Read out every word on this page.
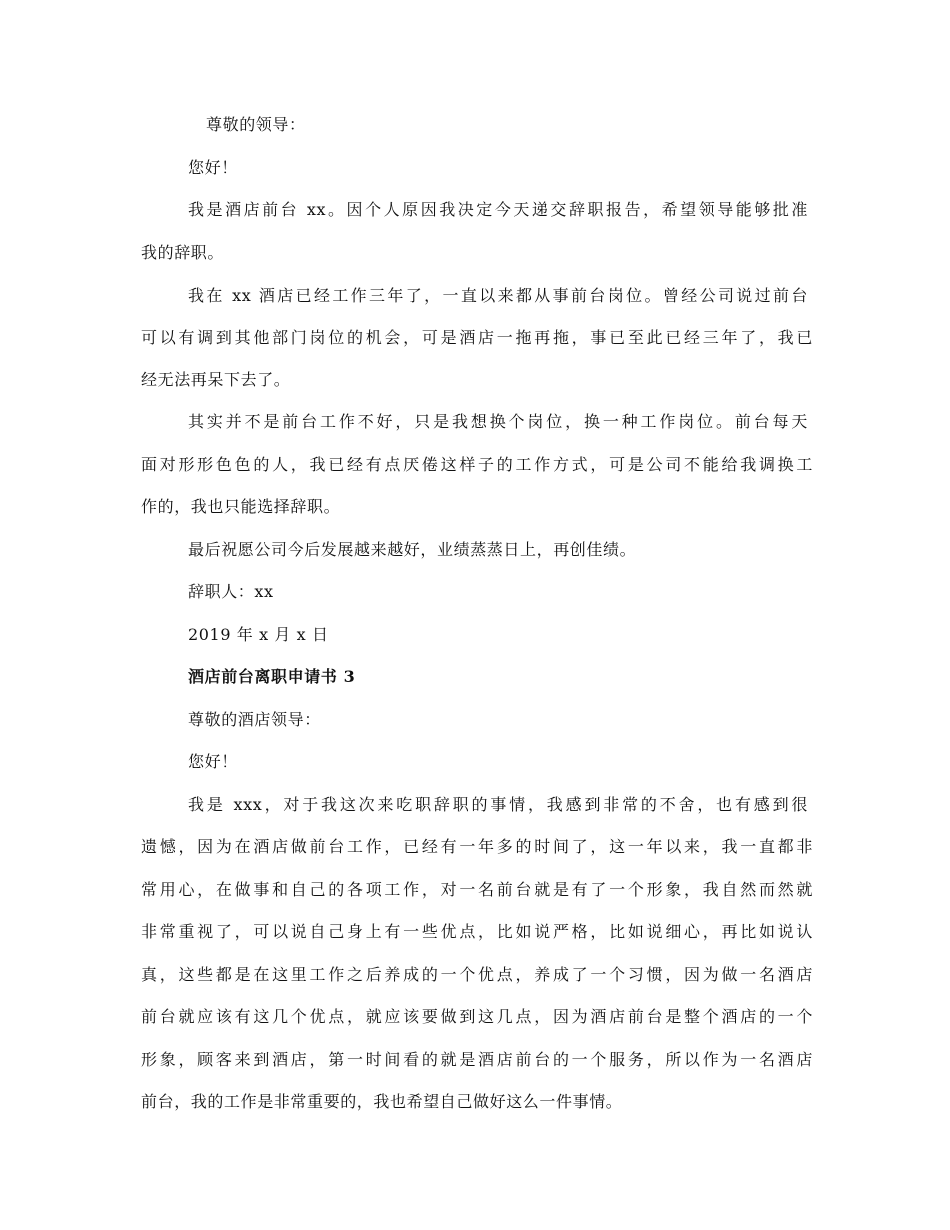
尊敬的领导：
您好！
我是酒店前台 xx。因个人原因我决定今天递交辞职报告，希望领导能够批准
我的辞职。
我在 xx 酒店已经工作三年了，一直以来都从事前台岗位。曾经公司说过前台
可以有调到其他部门岗位的机会，可是酒店一拖再拖，事已至此已经三年了，我已
经无法再呆下去了。
其实并不是前台工作不好，只是我想换个岗位，换一种工作岗位。前台每天
面对形形色色的人，我已经有点厌倦这样子的工作方式，可是公司不能给我调换工
作的，我也只能选择辞职。
最后祝愿公司今后发展越来越好，业绩蒸蒸日上，再创佳绩。
辞职人：xx
2019 年 x 月 x 日
酒店前台离职申请书 3
尊敬的酒店领导：
您好！
我是 xxx，对于我这次来吃职辞职的事情，我感到非常的不舍，也有感到很
遗憾，因为在酒店做前台工作，已经有一年多的时间了，这一年以来，我一直都非
常用心，在做事和自己的各项工作，对一名前台就是有了一个形象，我自然而然就
非常重视了，可以说自己身上有一些优点，比如说严格，比如说细心，再比如说认
真，这些都是在这里工作之后养成的一个优点，养成了一个习惯，因为做一名酒店
前台就应该有这几个优点，就应该要做到这几点，因为酒店前台是整个酒店的一个
形象，顾客来到酒店，第一时间看的就是酒店前台的一个服务，所以作为一名酒店
前台，我的工作是非常重要的，我也希望自己做好这么一件事情。
